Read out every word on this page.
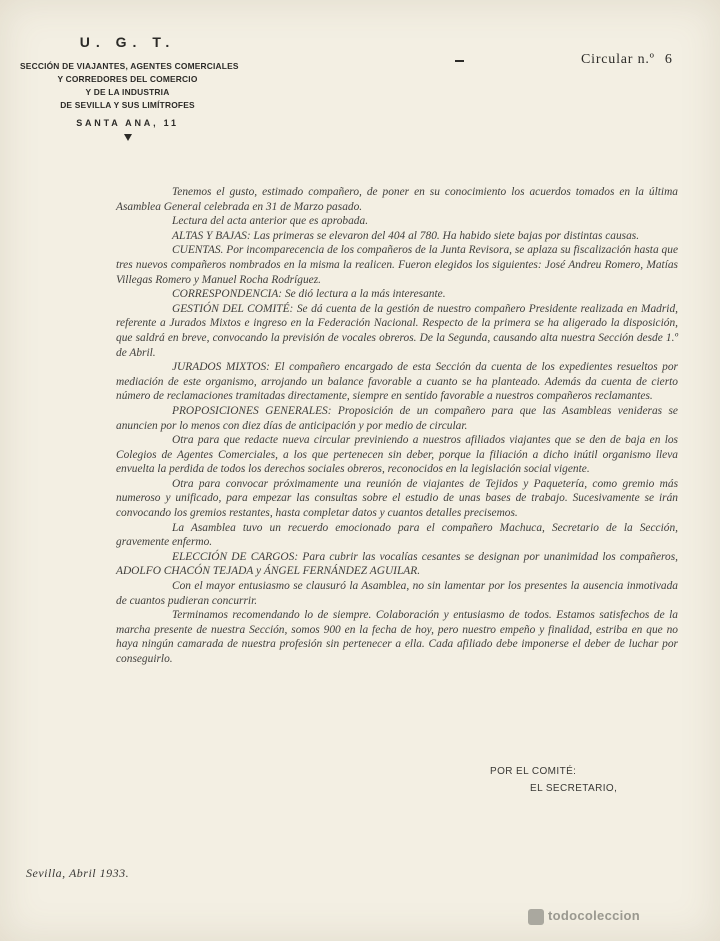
U. G. T.
SECCIÓN DE VIAJANTES, AGENTES COMERCIALES
Y CORREDORES DEL COMERCIO
Y DE LA INDUSTRIA
DE SEVILLA Y SUS LIMÍTROFES
SANTA ANA, 11
Circular n.º 6

Tenemos el gusto, estimado compañero, de poner en su conocimiento los acuerdos tomados en la última Asamblea General celebrada en 31 de Marzo pasado.

Lectura del acta anterior que es aprobada.

ALTAS Y BAJAS: Las primeras se elevaron del 404 al 780. Ha habido siete bajas por distintas causas.

CUENTAS. Por incomparecencia de los compañeros de la Junta Revisora, se aplaza su fiscalización hasta que tres nuevos compañeros nombrados en la misma la realicen. Fueron elegidos los siguientes: José Andreu Romero, Matías Villegas Romero y Manuel Rocha Rodríguez.

CORRESPONDENCIA: Se dió lectura a la más interesante.

GESTIÓN DEL COMITÉ: Se dá cuenta de la gestión de nuestro compañero Presidente realizada en Madrid, referente a Jurados Mixtos e ingreso en la Federación Nacional. Respecto de la primera se ha aligerado la disposición, que saldrá en breve, convocando la previsión de vocales obreros. De la Segunda, causando alta nuestra Sección desde 1.º de Abril.

JURADOS MIXTOS: El compañero encargado de esta Sección da cuenta de los expedientes resueltos por mediación de este organismo, arrojando un balance favorable a cuanto se ha planteado. Además da cuenta de cierto número de reclamaciones tramitadas directamente, siempre en sentido favorable a nuestros compañeros reclamantes.

PROPOSICIONES GENERALES: Proposición de un compañero para que las Asambleas venideras se anuncien por lo menos con diez días de anticipación y por medio de circular.

Otra para que redacte nueva circular previniendo a nuestros afiliados viajantes que se den de baja en los Colegios de Agentes Comerciales, a los que pertenecen sin deber, porque la filiación a dicho inútil organismo lleva envuelta la perdida de todos los derechos sociales obreros, reconocidos en la legislación social vigente.

Otra para convocar próximamente una reunión de viajantes de Tejidos y Paquetería, como gremio más numeroso y unificado, para empezar las consultas sobre el estudio de unas bases de trabajo. Sucesivamente se irán convocando los gremios restantes, hasta completar datos y cuantos detalles precisemos.

La Asamblea tuvo un recuerdo emocionado para el compañero Machuca, Secretario de la Sección, gravemente enfermo.

ELECCIÓN DE CARGOS: Para cubrir las vocalías cesantes se designan por unanimidad los compañeros, ADOLFO CHACÓN TEJADA y ÁNGEL FERNÁNDEZ AGUILAR.

Con el mayor entusiasmo se clausuró la Asamblea, no sin lamentar por los presentes la ausencia inmotivada de cuantos pudieran concurrir.

Terminamos recomendando lo de siempre. Colaboración y entusiasmo de todos. Estamos satisfechos de la marcha presente de nuestra Sección, somos 900 en la fecha de hoy, pero nuestro empeño y finalidad, estriba en que no haya ningún camarada de nuestra profesión sin pertenecer a ella. Cada afiliado debe imponerse el deber de luchar por conseguirlo.

POR EL COMITÉ:
EL SECRETARIO,
Sevilla, Abril 1933.
todocoleccion
